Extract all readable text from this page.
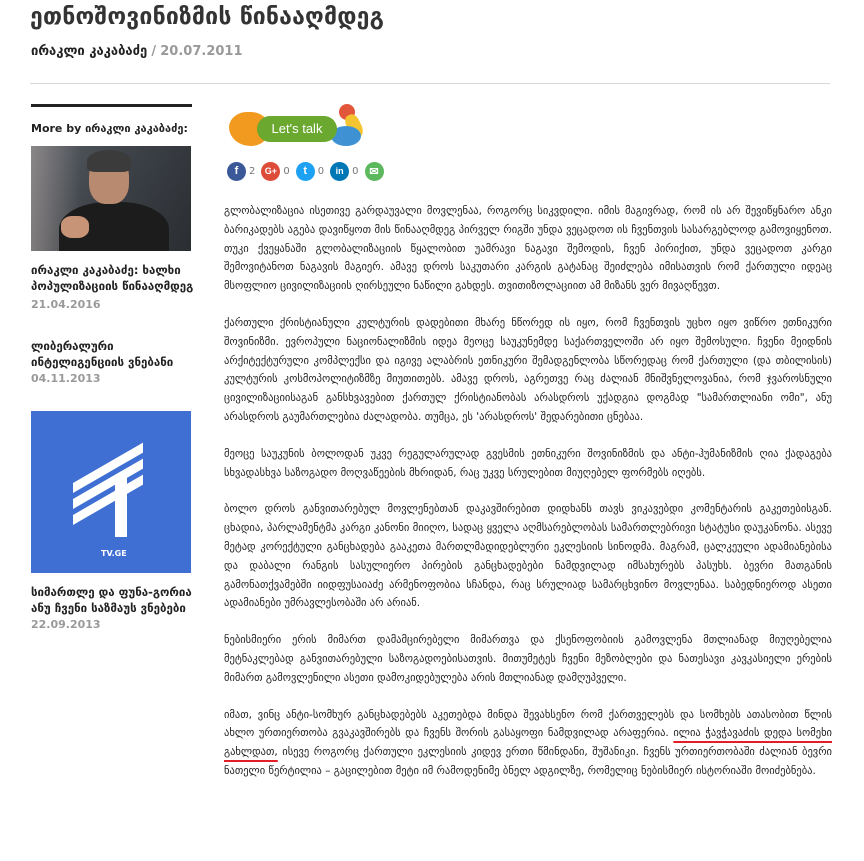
ეთნოშოვინიზმის წინააღმდეგ
ირაკლი კაკაბაძე / 20.07.2011
More by ირაკლი კაკაბაძე:
ირაკლი კაკაბაძე: ხალხი პოპულიზაციის წინააღმდეგ
21.04.2016
ლიბერალური ინტელიგენციის ვნებანი
04.11.2013
TV.GE
სიმართლე და ფუნა-გორია ანუ ჩვენი საზმაუს ვნებები
22.09.2013
Let's talk
f	2	G+ 0	t	0	in 0 ✉

გლობალიზაცია ისეთივე გარდაუვალი მოვლენაა, როგორც სიკვდილი. იმის მაგივრად, რომ ის არ შევიწყნარო ანკი ბარიკადებს აგება დავიწყოთ მის წინააღმდეგ პირველ რიგში უნდა ვეცადოთ ის ჩვენთვის სასარგებლოდ გამოვიყენოთ. თუკი ქვეყანაში გლობალიზაციის წყალობით უამრავი ნაგავი შემოდის, ჩვენ პირიქით, უნდა ვეცადოთ კარგი შემოვიტანოთ ნაგავის მაგიერ. ამავე დროს საკუთარი კარგის გატანაც შეიძლება იმისათვის რომ ქართული იდეაც მსოფლიო ცივილიზაციის ღირსეული ნაწილი გახდეს. თვითიზოლაციით ამ მიზანს ვერ მივაღწევთ.

ქართული ქრისტიანული კულტურის დადებითი მხარე ნწორედ ის იყო, რომ ჩვენთვის უცხო იყო ვიწრო ეთნიკური შოვინიზმი. ევროპული ნაციონალიზმის იდეა მეოცე საუკუნემდე საქართველოში არ იყო შემოსული. ჩვენი მეიდნის არქიტექტურული კომპლექსი და იგივე ალაბრის ეთნიკური შემადგენლობა სწორედაც რომ ქართული (და თბილისის) კულტურის კოსმოპოლიტიზმზე მიუთითებს. ამავე დროს, აგრეთვე რაც ძალიან მნიშვნელოვანია, რომ ჯვაროსნული ცივილიზაციისაგან განსხვავებით ქართულ ქრისტიანობას არასდროს უქადგია დოგმად "სამართლიანი ომი", ანუ არასდროს გაუმართლებია ძალადობა. თუმცა, ეს 'არასდროს' შედარებითი ცნებაა.

მეოცე საუკუნის ბოლოდან უკვე რეგულარულად გვესმის ეთნიკური შოვინიზმის და ანტი-ჰუმანიზმის ღია ქადაგება სხვადასხვა საზოგადო მოღვაწეების მხრიდან, რაც უკვე სრულებით მიუღებელ ფორმებს იღებს.

ბოლო დროს განვითარებულ მოვლენებთან დაკავშირებით დიდხანს თავს ვიკავებდი კომენტარის გაკეთებისგან. ცხადია, პარლამენტმა კარგი კანონი მიიღო, სადაც ყველა აღმსარებლობას სამართლებრივი სტატუსი დაუკანონა. ასევე მეტად კორექტული განცხადება გააკეთა მართლმადიდებლური ეკლესიის სინოდმა. მაგრამ, ცალკეული ადამიანებისა და დაბალი რანგის სასულიერო პირების განცხადებები ნამდვილად იმსახურებს პასუხს. ბევრი მათგანის გამონათქვამებში იიდფუსაიაძე არმენოფობია სჩანდა, რაც სრულიად სამარცხვინო მოვლენაა. საბედნიეროდ ასეთი ადამიანები უმრავლესობაში არ არიან.

ნებისმიერი ერის მიმართ დამამცირებელი მიმართვა და ქსენოფობიის გამოვლენა მთლიანად მიუღებელია მეტნაკლებად განვითარებული საზოგადოებისათვის. მითუმეტეს ჩვენი მეზობლები და ნათესავი კავკასიელი ერების მიმართ გამოვლენილი ასეთი დამოკიდებულება არის მთლიანად დამღუპველი.

იმათ, ვინც ანტი-სომხურ განცხადებებს აკეთებდა მინდა შევახსენო რომ ქართველებს და სომხებს ათასობით წლის ახლო ურთიერთობა გვაკავშირებს და ჩვენს შორის გასაყოფი ნამდვილად არაფერია. ილია ჭავჭავაძის დედა სომეხი გახლდათ, ისევე როგორც ქართული ეკლესიის კიდევ ერთი წმინდანი, შუშანიკი. ჩვენს ურთიერთობაში ძალიან ბევრი ნათელი წერტილია – გაცილებით მეტი იმ რამოდენიმე ბნელ ადგილზე, რომელიც ნებისმიერ ისტორიაში მოიძებნება.
